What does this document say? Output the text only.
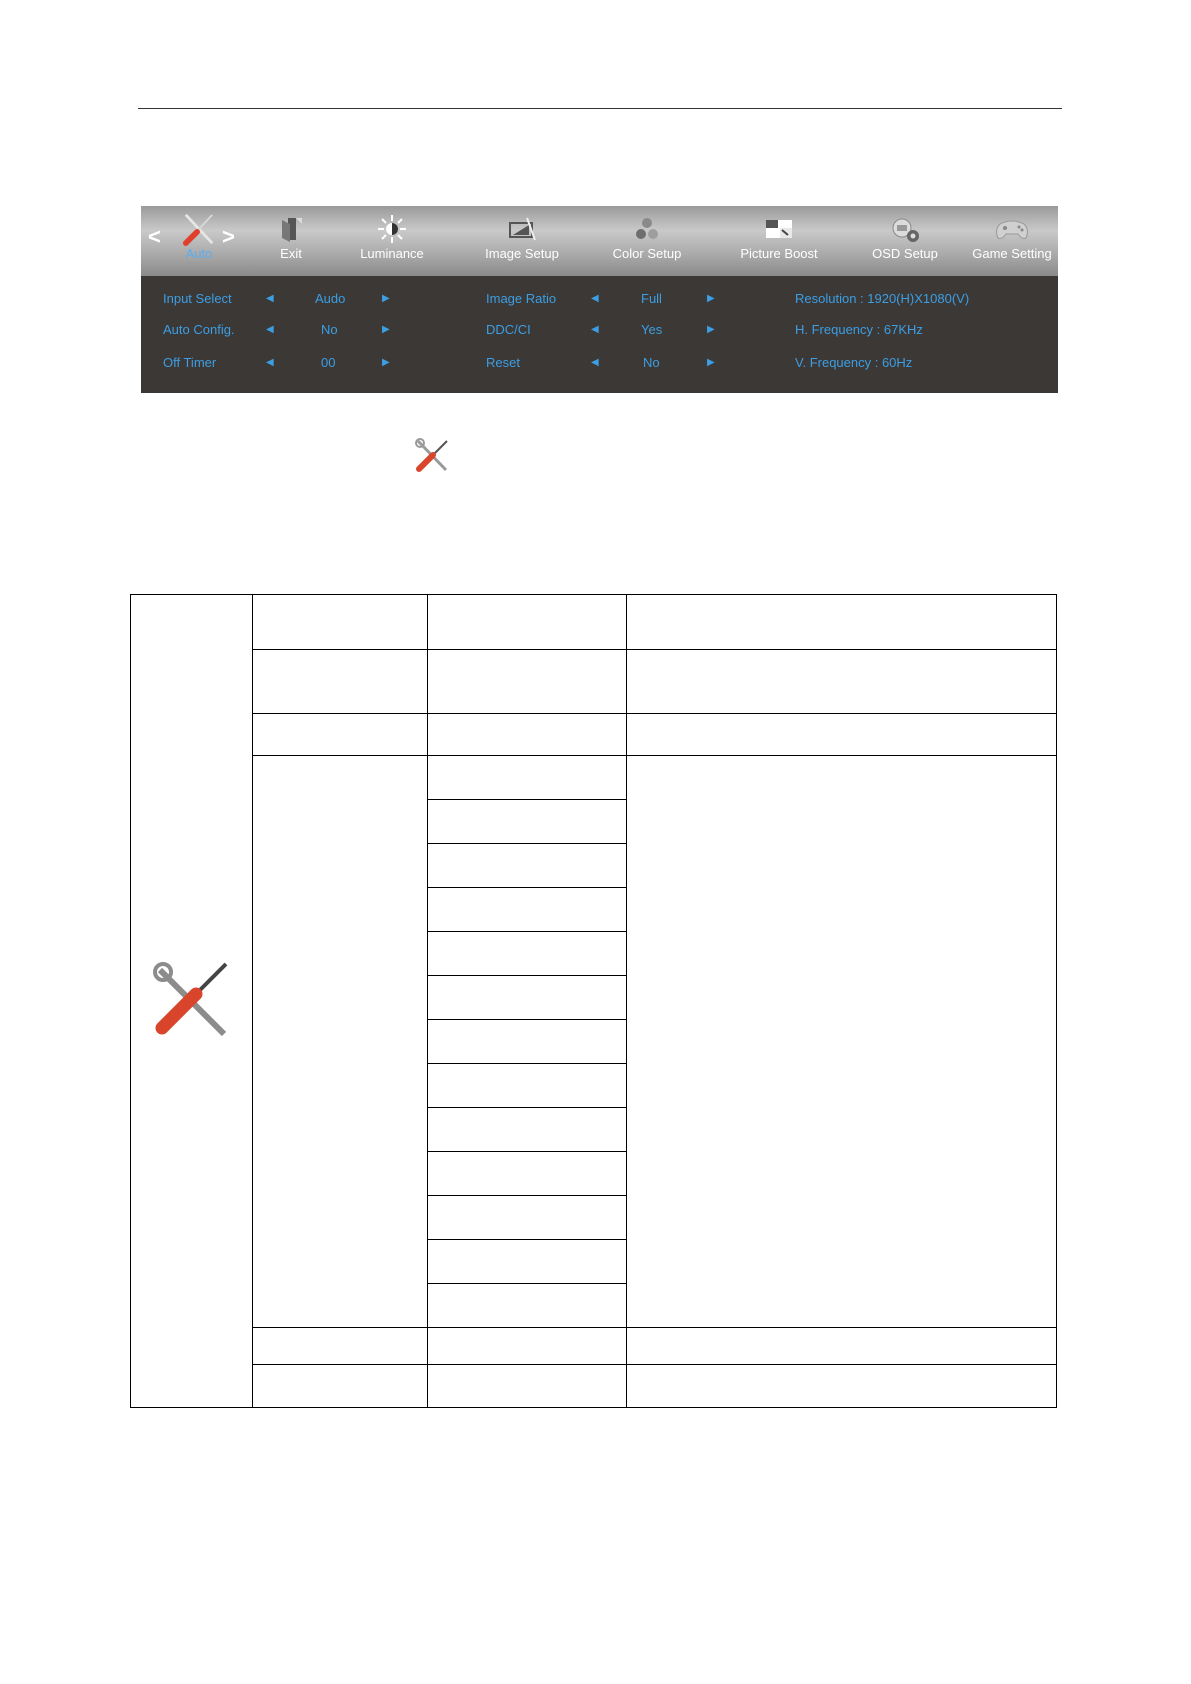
<	>
Auto	Exit	Luminance	Image Setup	Color Setup	Picture Boost	OSD Setup	Game Setting
Input Select	◀	Audo	▶	Image Ratio	◀	Full	▶	Resolution : 1920(H)X1080(V)
Auto Config.	◀	No	▶	DDC/CI	◀	Yes	▶	H. Frequency : 67KHz
Off Timer	◀	00	▶	Reset	◀	No	▶	V. Frequency : 60Hz
